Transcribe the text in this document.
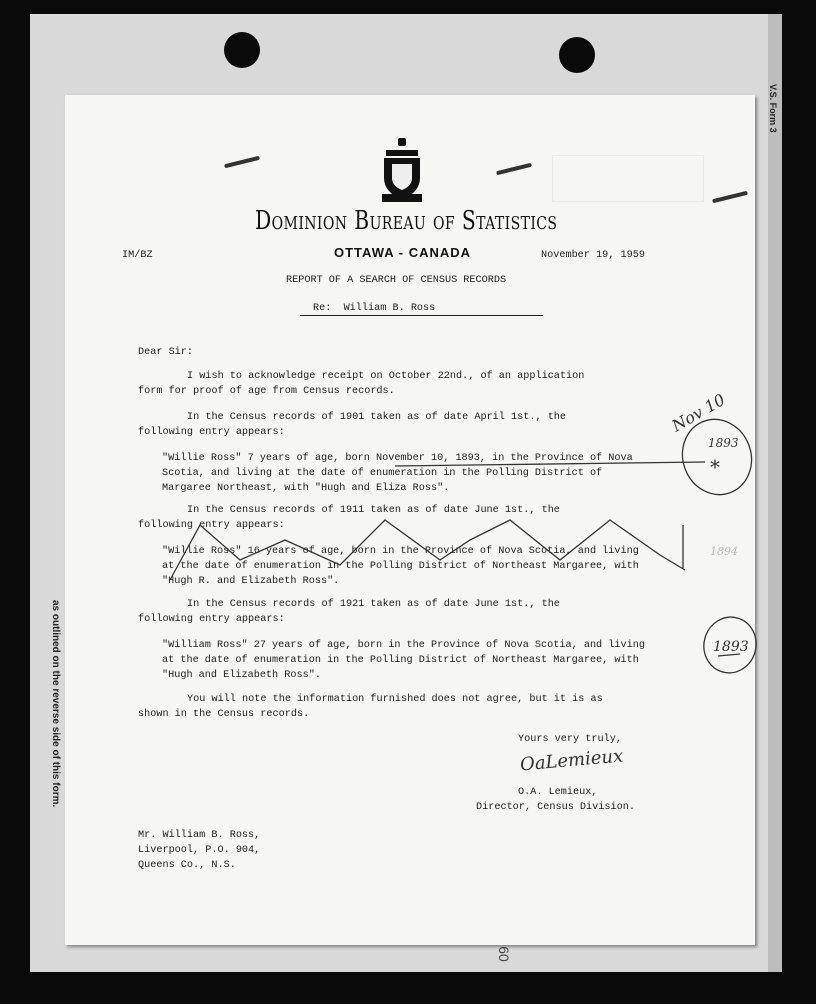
V.S. Form 3
as outlined on the reverse side of this form.
60
Dominion Bureau of Statistics
OTTAWA - CANADA
IM/BZ	November 19, 1959
REPORT OF A SEARCH OF CENSUS RECORDS
Re:  William B. Ross
Dear Sir:
I wish to acknowledge receipt on October 22nd., of an application
form for proof of age from Census records.
In the Census records of 1901 taken as of date April 1st., the
following entry appears:
"Willie Ross" 7 years of age, born November 10, 1893, in the Province of Nova
Scotia, and living at the date of enumeration in the Polling District of
Margaree Northeast, with "Hugh and Eliza Ross".
In the Census records of 1911 taken as of date June 1st., the
following entry appears:
"Willie Ross" 16 years of age, born in the Province of Nova Scotia, and living
at the date of enumeration in the Polling District of Northeast Margaree, with
"Hugh R. and Elizabeth Ross".
In the Census records of 1921 taken as of date June 1st., the
following entry appears:
"William Ross" 27 years of age, born in the Province of Nova Scotia, and living
at the date of enumeration in the Polling District of Northeast Margaree, with
"Hugh and Elizabeth Ross".
You will note the information furnished does not agree, but it is as
shown in the Census records.
Yours very truly,
OaLemieux
O.A. Lemieux,
Director, Census Division.
Mr. William B. Ross,
Liverpool, P.O. 904,
Queens Co., N.S.
Nov 10
1893
*
1894
1893
